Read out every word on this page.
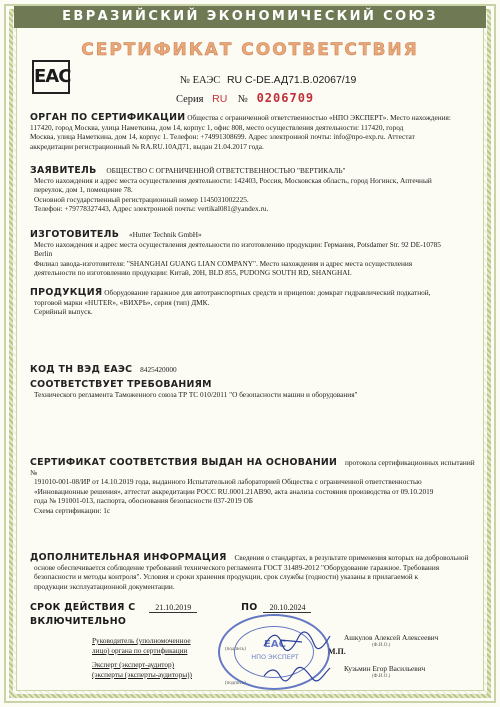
ЕВРАЗИЙСКИЙ ЭКОНОМИЧЕСКИЙ СОЮЗ
СЕРТИФИКАТ СООТВЕТСТВИЯ
EAC	№ ЕАЭС RU С-DE.АД71.В.02067/19
Серия RU № 0206709
ОРГАН ПО СЕРТИФИКАЦИИ Общества с ограниченной ответственностью «НПО ЭКСПЕРТ». Место нахождения:
117420, город Москва, улица Наметкина, дом 14, корпус 1, офис 808, место осуществления деятельности: 117420, город
Москва, улица Наметкина, дом 14, корпус 1. Телефон: +74991308699. Адрес электронной почты: info@npo-exp.ru. Аттестат
аккредитации регистрационный № RA.RU.10АД71, выдан 21.04.2017 года.
ЗАЯВИТЕЛЬ ОБЩЕСТВО С ОГРАНИЧЕННОЙ ОТВЕТСТВЕННОСТЬЮ "ВЕРТИКАЛЬ"
Место нахождения и адрес места осуществления деятельности: 142403, Россия, Московская область, город Ногинск, Аптечный
переулок, дом 1, помещение 78.
Основной государственный регистрационный номер 1145031002225.
Телефон: +79778327443, Адрес электронной почты: vertikal081@yandex.ru.
ИЗГОТОВИТЕЛЬ «Hutter Technik GmbH»
Место нахождения и адрес места осуществления деятельности по изготовлению продукции: Германия, Potsdamer Str. 92 DE-10785
Berlin
Филиал завода-изготовителя: "SHANGHAI GUANG LIAN COMPANY". Место нахождения и адрес места осуществления
деятельности по изготовлению продукции: Китай, 20H, BLD 855, PUDONG SOUTH RD, SHANGHAI.
ПРОДУКЦИЯ Оборудование гаражное для автотранспортных средств и прицепов: домкрат гидравлический подкатной,
торговой марки «HUTER», «ВИХРЬ», серия (тип) ДМК.
Серийный выпуск.
КОД ТН ВЭД ЕАЭС 8425420000
СООТВЕТСТВУЕТ ТРЕБОВАНИЯМ
Технического регламента Таможенного союза ТР ТС 010/2011 "О безопасности машин и оборудования"
СЕРТИФИКАТ СООТВЕТСТВИЯ ВЫДАН НА ОСНОВАНИИ протокола сертификационных испытаний №
191010-001-08/ИР от 14.10.2019 года, выданного Испытательной лабораторией Общества с ограниченной ответственностью
«Инновационные решения», аттестат аккредитации РОСС RU.0001.21АВ90, акта анализа состояния производства от 09.10.2019
года № 191001-013, паспорта, обоснования безопасности 037-2019 ОБ
Схема сертификации: 1с
ДОПОЛНИТЕЛЬНАЯ ИНФОРМАЦИЯ Сведения о стандартах, в результате применения которых на добровольной
основе обеспечивается соблюдение требований технического регламента ГОСТ 31489-2012 "Оборудование гаражное. Требования
безопасности и методы контроля". Условия и сроки хранения продукции, срок службы (годности) указаны в прилагаемой к
продукции эксплуатационной документации.
СРОК ДЕЙСТВИЯ С 21.10.2019	ПО 20.10.2024
ВКЛЮЧИТЕЛЬНО
Руководитель (уполномоченное
лицо) органа по сертификации
Эксперт (эксперт-аудитор)
(эксперты (эксперты-аудиторы))
(подпись)
(подпись)
Ашкулов Алексей Алексеевич
(Ф.И.О.)
М.П.
Кузьмин Егор Васильевич
(Ф.И.О.)
EAC
НПО ЭКСПЕРТ
